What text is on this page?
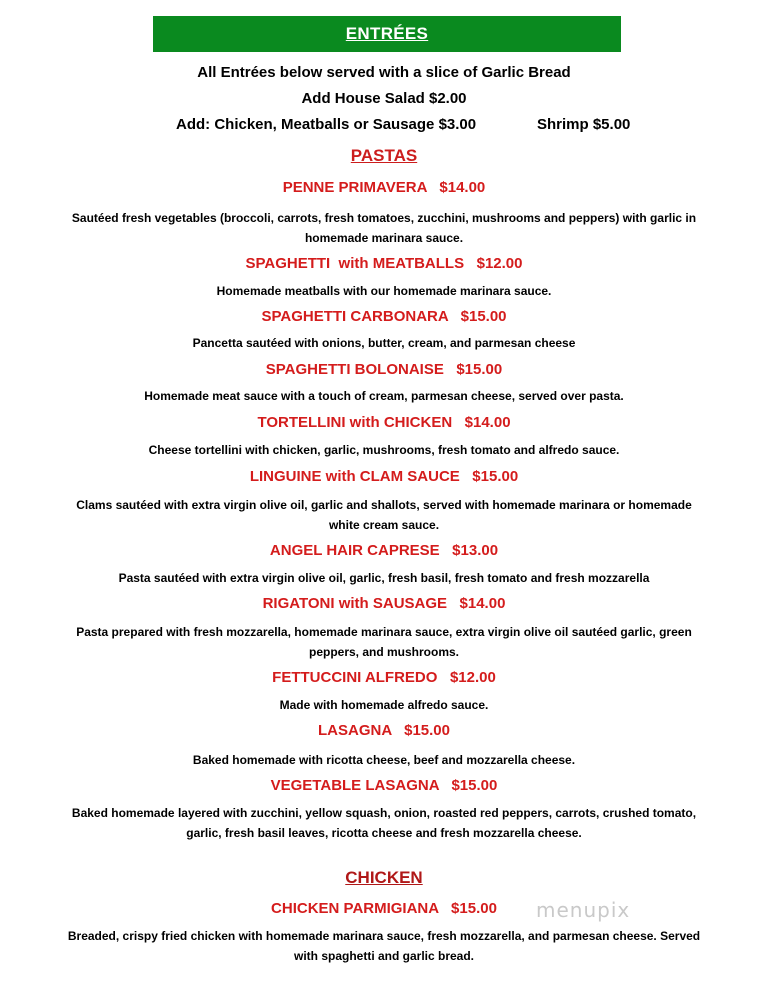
ENTRÉES
All Entrées below served with a slice of Garlic Bread
Add House Salad $2.00
Add: Chicken, Meatballs or Sausage $3.00	Shrimp $5.00
PASTAS
PENNE PRIMAVERA   $14.00
Sautéed fresh vegetables (broccoli, carrots, fresh tomatoes, zucchini, mushrooms and peppers) with garlic in homemade marinara sauce.
SPAGHETTI  with MEATBALLS   $12.00
Homemade meatballs with our homemade marinara sauce.
SPAGHETTI CARBONARA   $15.00
Pancetta sautéed with onions, butter, cream, and parmesan cheese
SPAGHETTI BOLONAISE   $15.00
Homemade meat sauce with a touch of cream, parmesan cheese, served over pasta.
TORTELLINI with CHICKEN   $14.00
Cheese tortellini with chicken, garlic, mushrooms, fresh tomato and alfredo sauce.
LINGUINE with CLAM SAUCE   $15.00
Clams sautéed with extra virgin olive oil, garlic and shallots, served with homemade marinara or homemade white cream sauce.
ANGEL HAIR CAPRESE   $13.00
Pasta sautéed with extra virgin olive oil, garlic, fresh basil, fresh tomato and fresh mozzarella
RIGATONI with SAUSAGE   $14.00
Pasta prepared with fresh mozzarella, homemade marinara sauce, extra virgin olive oil sautéed garlic, green peppers, and mushrooms.
FETTUCCINI ALFREDO   $12.00
Made with homemade alfredo sauce.
LASAGNA   $15.00
Baked homemade with ricotta cheese, beef and mozzarella cheese.
VEGETABLE LASAGNA   $15.00
Baked homemade layered with zucchini, yellow squash, onion, roasted red peppers, carrots, crushed tomato, garlic, fresh basil leaves, ricotta cheese and fresh mozzarella cheese.
CHICKEN
CHICKEN PARMIGIANA   $15.00
Breaded, crispy fried chicken with homemade marinara sauce, fresh mozzarella, and parmesan cheese. Served with spaghetti and garlic bread.
menupix
